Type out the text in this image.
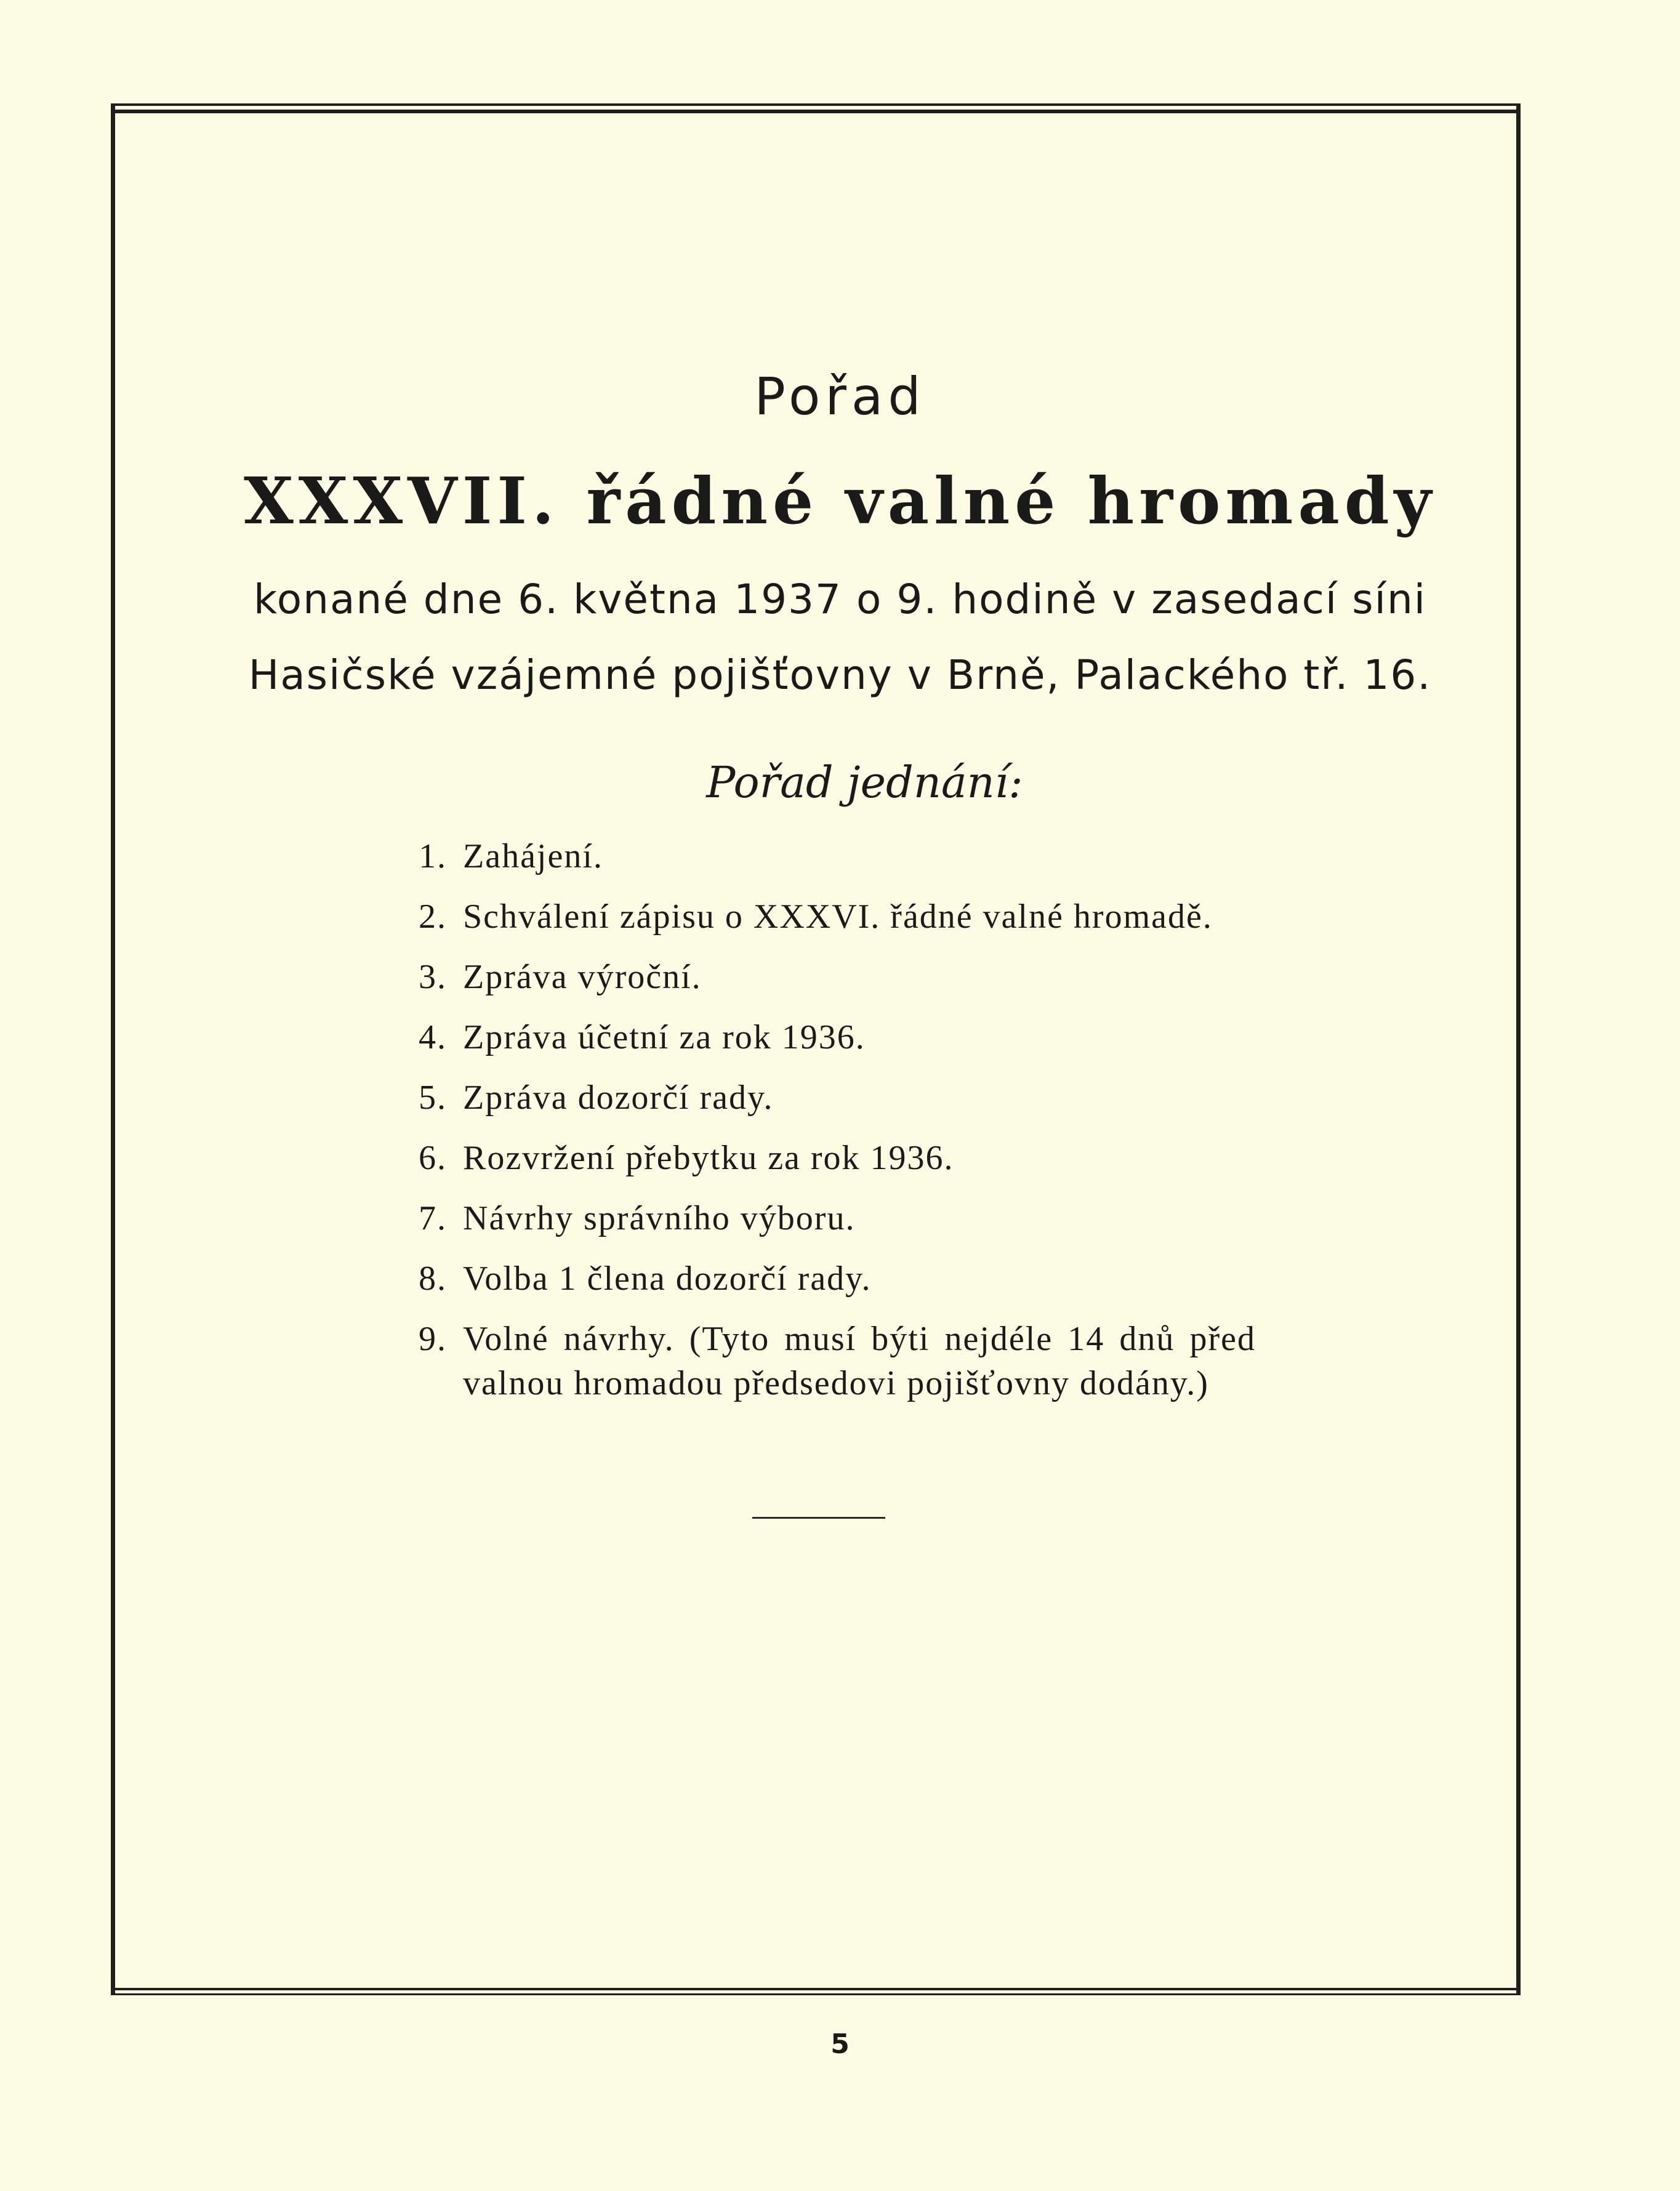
Pořad
XXXVII. řádné valné hromady
konané dne 6. května 1937 o 9. hodině v zasedací síni
Hasičské vzájemné pojišťovny v Brně, Palackého tř. 16.
Pořad jednání:
1. Zahájení.
2. Schválení zápisu o XXXVI. řádné valné hromadě.
3. Zpráva výroční.
4. Zpráva účetní za rok 1936.
5. Zpráva dozorčí rady.
6. Rozvržení přebytku za rok 1936.
7. Návrhy správního výboru.
8. Volba 1 člena dozorčí rady.
9. Volné návrhy. (Tyto musí býti nejdéle 14 dnů před valnou hromadou předsedovi pojišťovny dodány.)
5
